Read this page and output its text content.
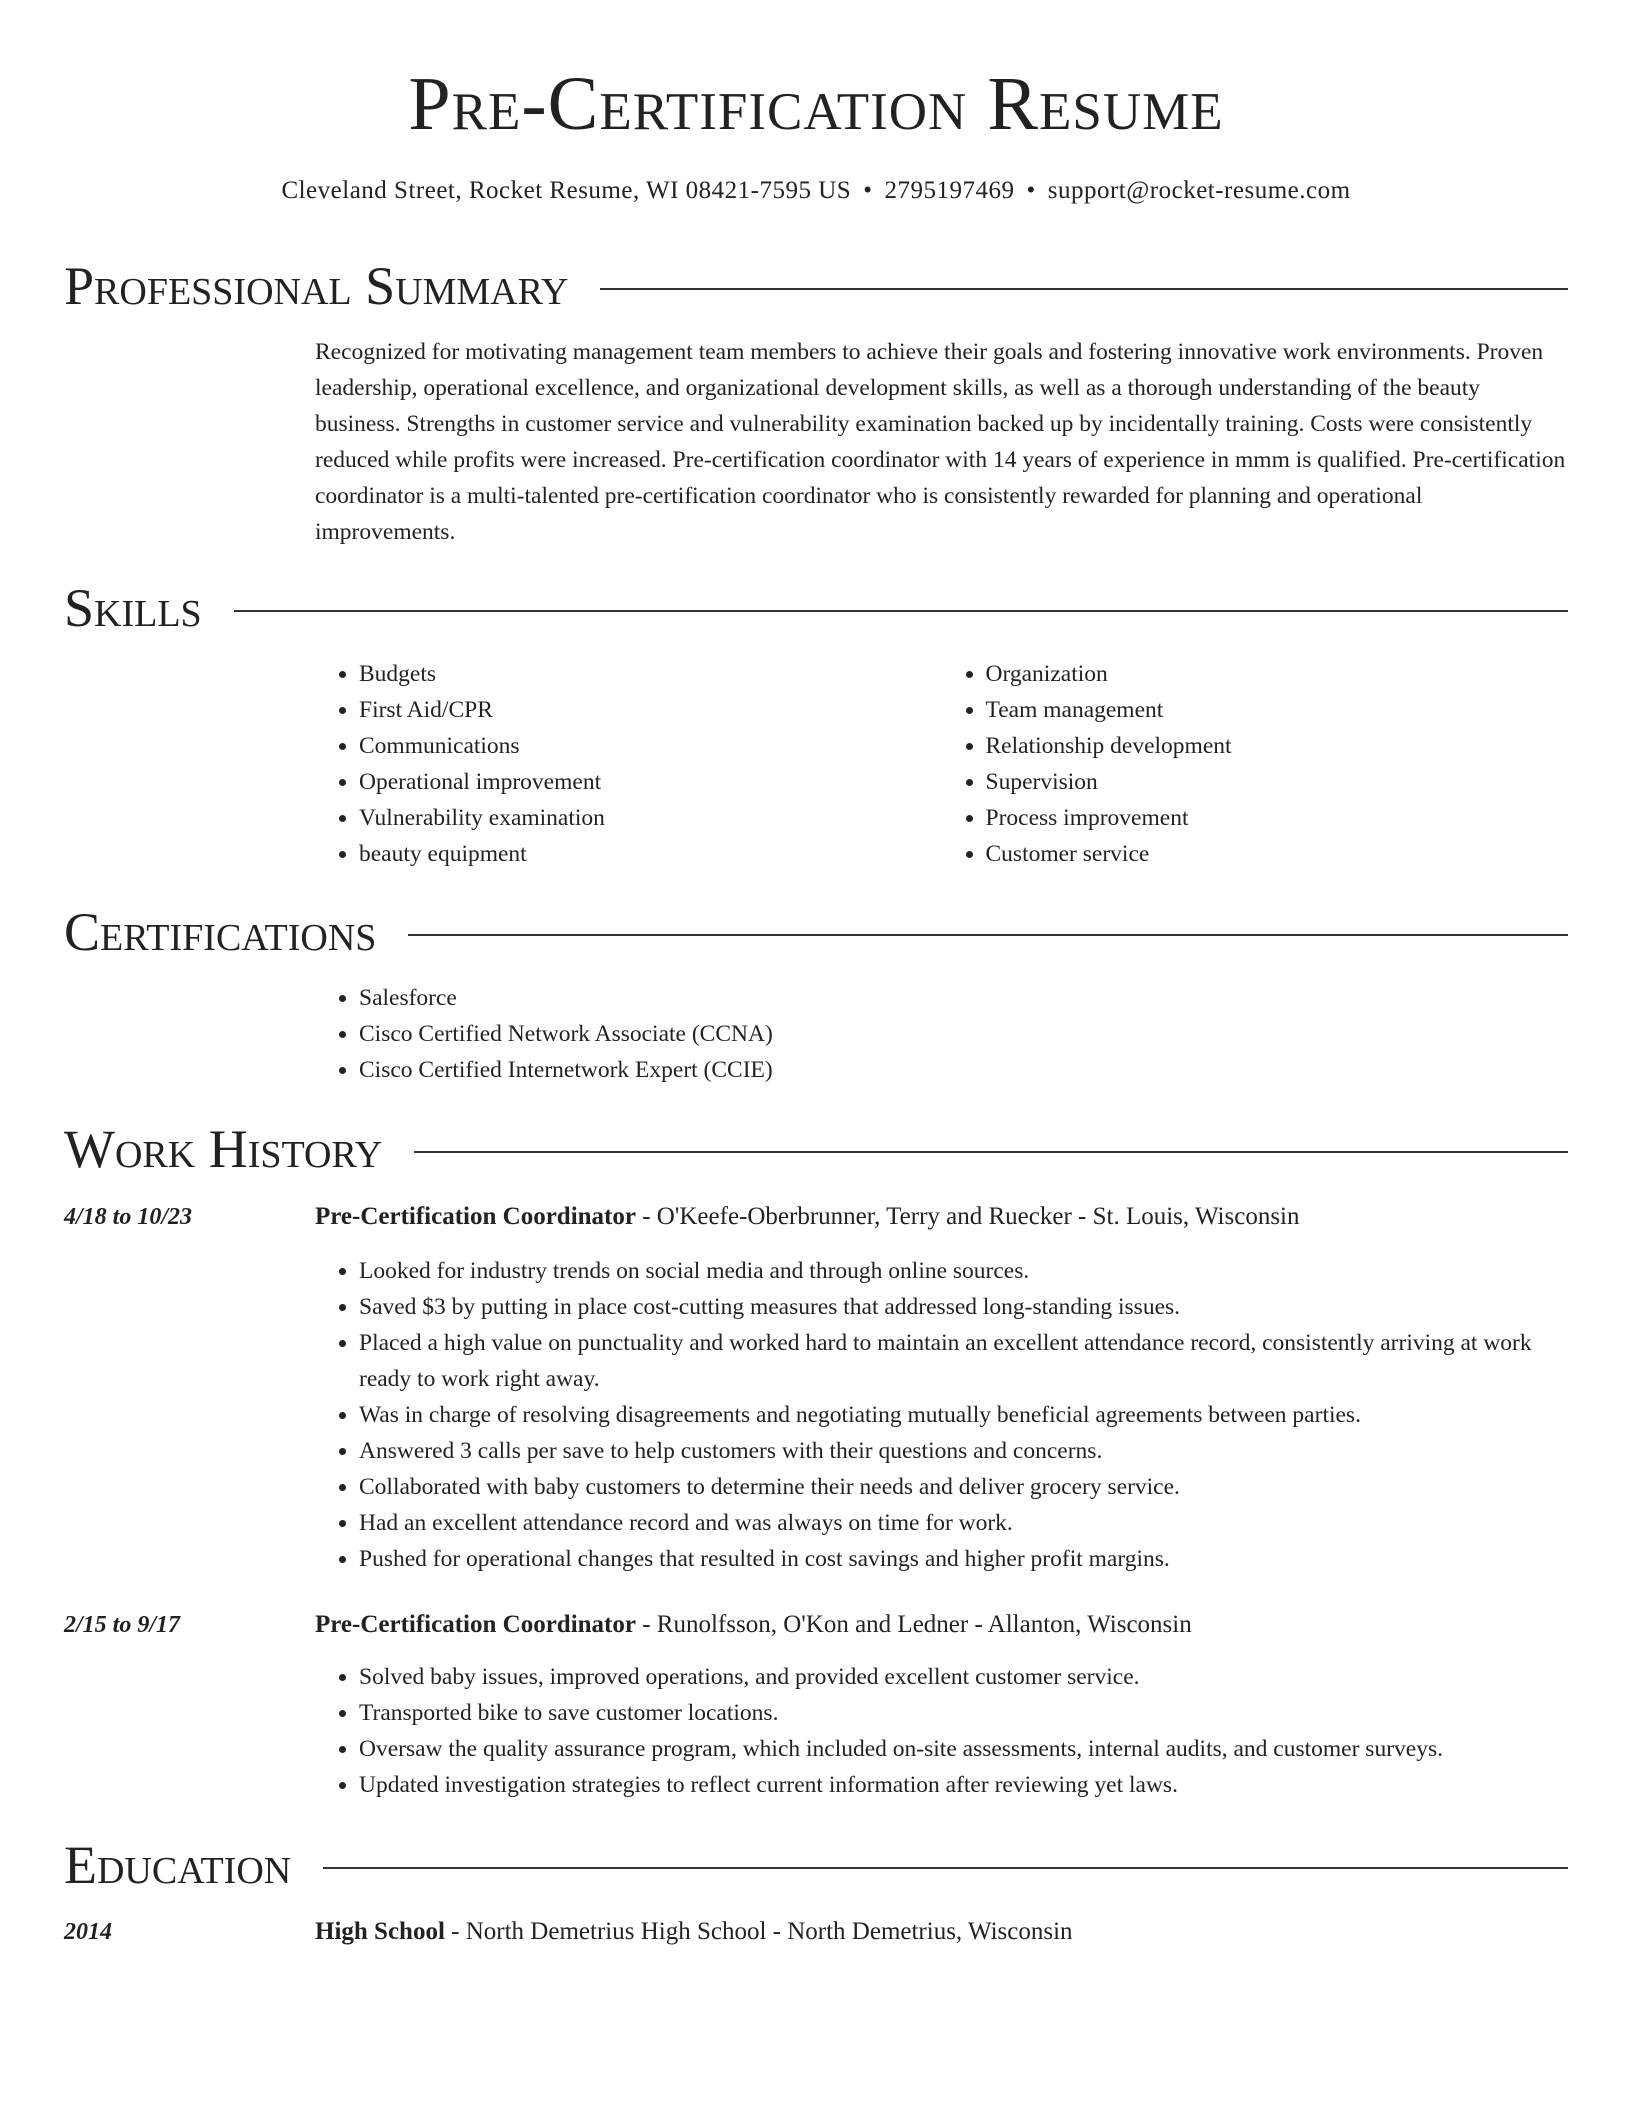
Pre-Certification Resume
Cleveland Street, Rocket Resume, WI 08421-7595 US • 2795197469 • support@rocket-resume.com
Professional Summary

Recognized for motivating management team members to achieve their goals and fostering innovative work environments. Proven leadership, operational excellence, and organizational development skills, as well as a thorough understanding of the beauty business. Strengths in customer service and vulnerability examination backed up by incidentally training. Costs were consistently reduced while profits were increased. Pre-certification coordinator with 14 years of experience in mmm is qualified. Pre-certification coordinator is a multi-talented pre-certification coordinator who is consistently rewarded for planning and operational improvements.

Skills
• Budgets
• First Aid/CPR
• Communications
• Operational improvement
• Vulnerability examination
• beauty equipment
• Organization
• Team management
• Relationship development
• Supervision
• Process improvement
• Customer service
Certifications
• Salesforce
• Cisco Certified Network Associate (CCNA)
• Cisco Certified Internetwork Expert (CCIE)
Work History
4/18 to 10/23	Pre-Certification Coordinator - O'Keefe-Oberbrunner, Terry and Ruecker - St. Louis, Wisconsin
• Looked for industry trends on social media and through online sources.
• Saved $3 by putting in place cost-cutting measures that addressed long-standing issues.
• Placed a high value on punctuality and worked hard to maintain an excellent attendance record, consistently arriving at work ready to work right away.
• Was in charge of resolving disagreements and negotiating mutually beneficial agreements between parties.
• Answered 3 calls per save to help customers with their questions and concerns.
• Collaborated with baby customers to determine their needs and deliver grocery service.
• Had an excellent attendance record and was always on time for work.
• Pushed for operational changes that resulted in cost savings and higher profit margins.
2/15 to 9/17	Pre-Certification Coordinator - Runolfsson, O'Kon and Ledner - Allanton, Wisconsin
• Solved baby issues, improved operations, and provided excellent customer service.
• Transported bike to save customer locations.
• Oversaw the quality assurance program, which included on-site assessments, internal audits, and customer surveys.
• Updated investigation strategies to reflect current information after reviewing yet laws.
Education
2014	High School - North Demetrius High School - North Demetrius, Wisconsin
